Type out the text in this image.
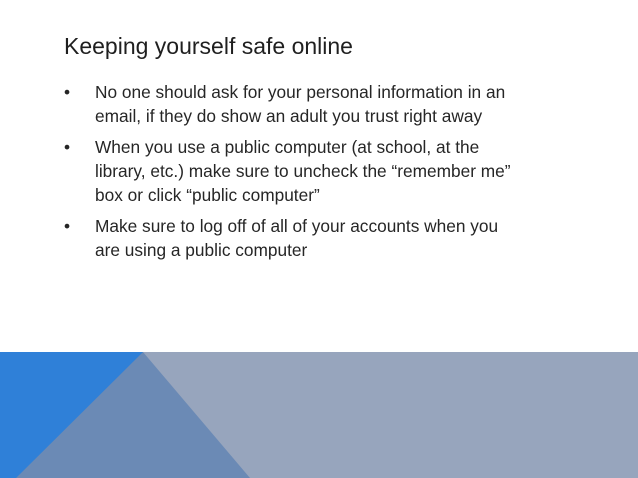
Keeping yourself safe online
•	No one should ask for your personal information in an
email, if they do show an adult you trust right away
•	When you use a public computer (at school, at the
library, etc.) make sure to uncheck the “remember me”
box or click “public computer”
•	Make sure to log off of all of your accounts when you
are using a public computer
